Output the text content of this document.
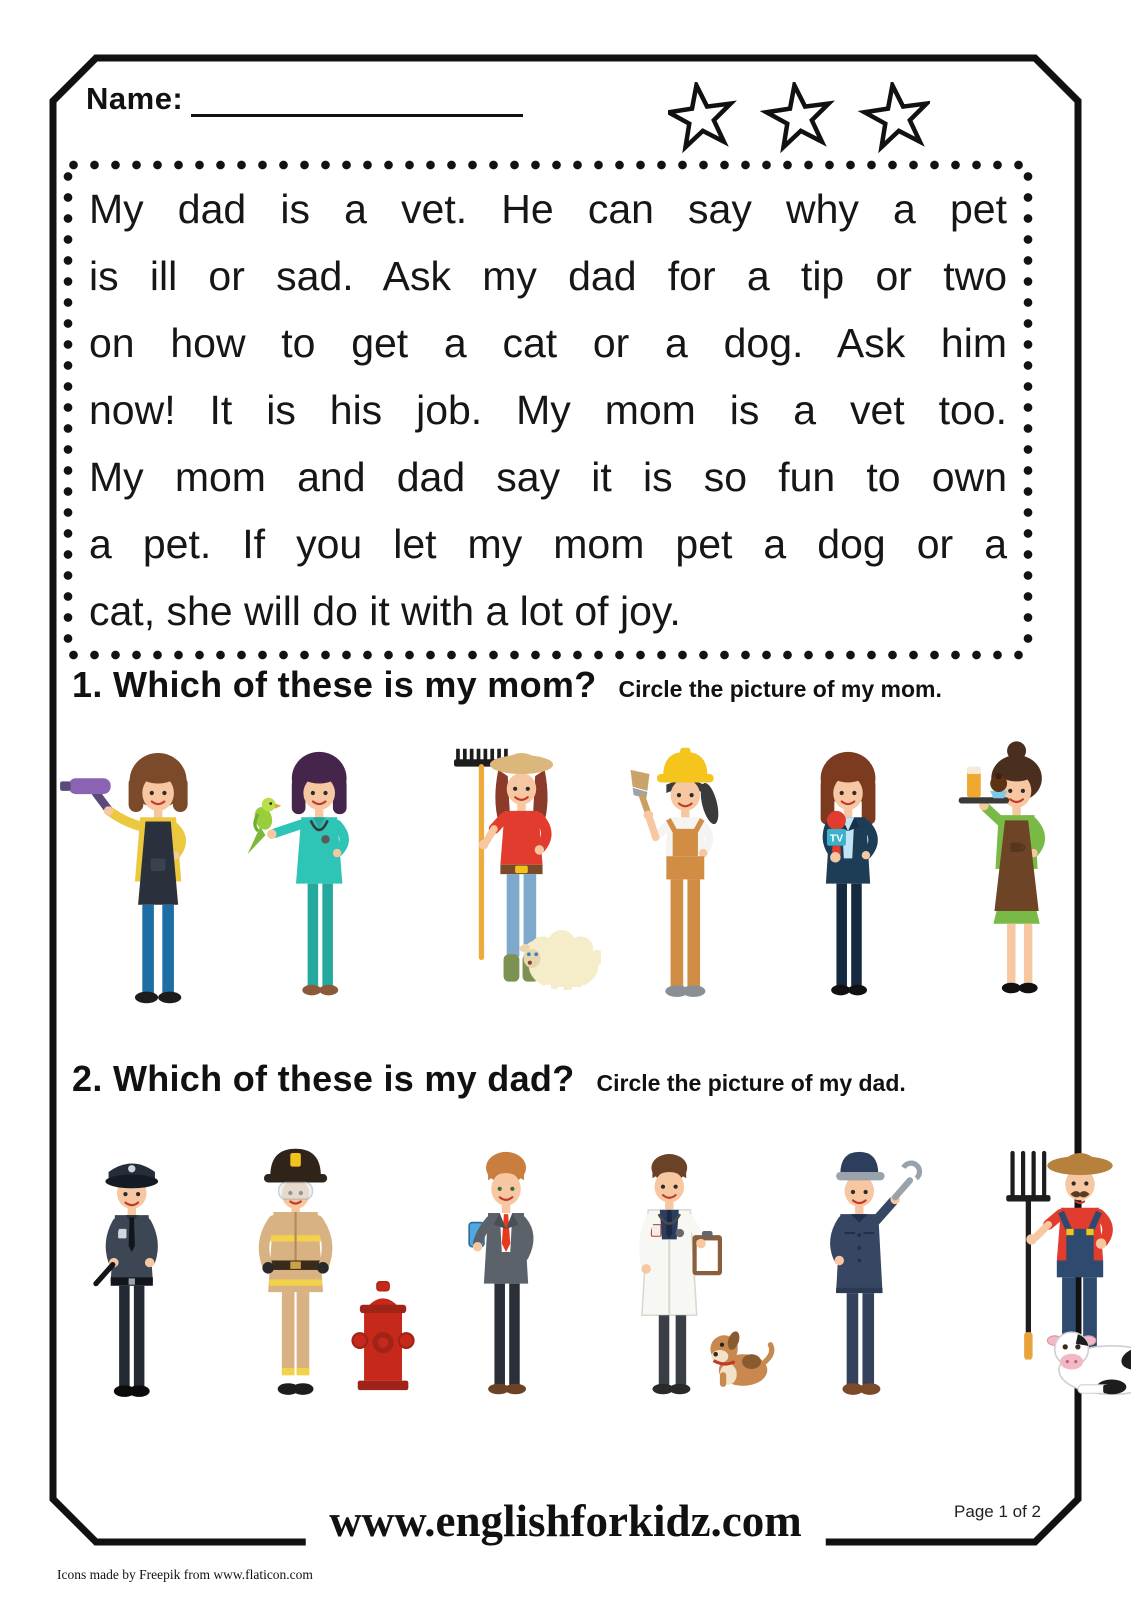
Name:
My dad is a vet. He can say why a pet
is ill or sad. Ask my dad for a tip or two
on how to get a cat or a dog. Ask him
now! It is his job. My mom is a vet too.
My mom and dad say it is so fun to own
a pet. If you let my mom pet a dog or a
cat, she will do it with a lot of joy.
1. Which of these is my mom? Circle the picture of my mom.
TV
2. Which of these is my dad? Circle the picture of my dad.
www.englishforkidz.com	Page 1 of 2
Icons made by Freepik from www.flaticon.com
